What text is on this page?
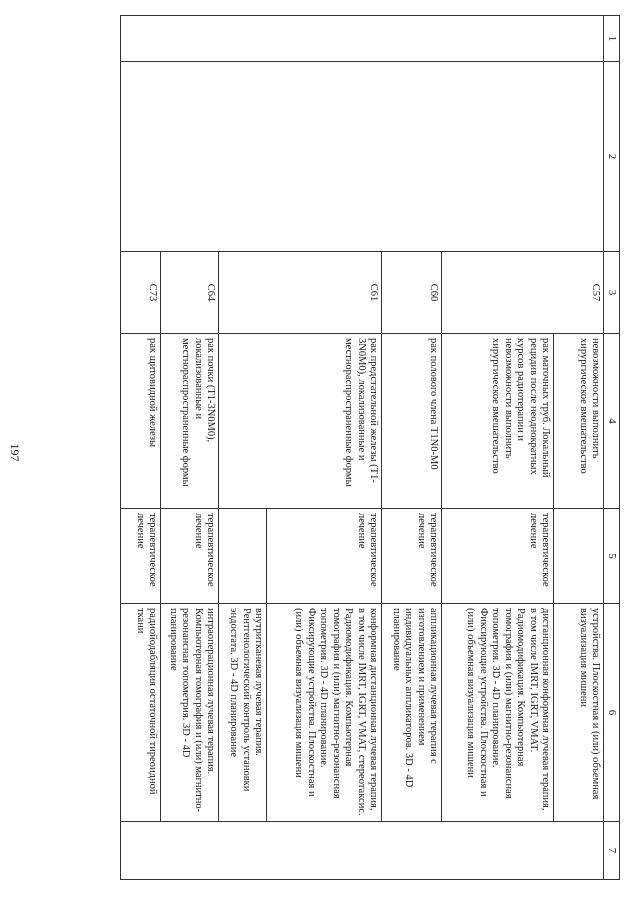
1	2	3	4	5	6	7
		C57	невозможности выполнить хирургическое вмешательство		устройства. Плоскостная и (или) объемная визуализация мишени	
			рак маточных труб. Локальный рецидив после неоднократных курсов радиотерапии и невозможности выполнить хирургическое вмешательство	терапевтическое лечение	дистанционная конформная лучевая терапия, в том числе IMRT, IGRT, VMAT. Радиомодификация. Компьютерная томография и (или) магнитно-резонансная топометрия. 3D - 4D планирование. Фиксирующие устройства. Плоскостная и (или) объемная визуализация мишени	
		C60	рак полового члена T1N0-M0	терапевтическое лечение	аппликационная лучевая терапия с изготовлением и применением индивидуальных аппликаторов. 3D - 4D планирование	
		C61	рак предстательной железы (T1-3N0M0), локализованные и местнораспространенные формы	терапевтическое лечение	конформная дистанционная лучевая терапия, в том числе IMRT, IGRT, VMAT, стереотаксис. Радиомодификация. Компьютерная томография и (или) магнитно-резонансная топометрия. 3D - 4D планирование. Фиксирующие устройства. Плоскостная и (или) объемная визуализация мишени	
					внутритканевая лучевая терапия. Рентгенологический контроль установки эндостата. 3D - 4D планирование	
		C64	рак почки (T1-3N0M0), локализованные и местнораспространенные формы	терапевтическое лечение	интраоперационная лучевая терапия. Компьютерная томография и (или) магнитно-резонансная топометрия. 3D - 4D планирование	
		C73	рак щитовидной железы	терапевтическое лечение	радиойодабляция остаточной тиреоидной ткани	
197
